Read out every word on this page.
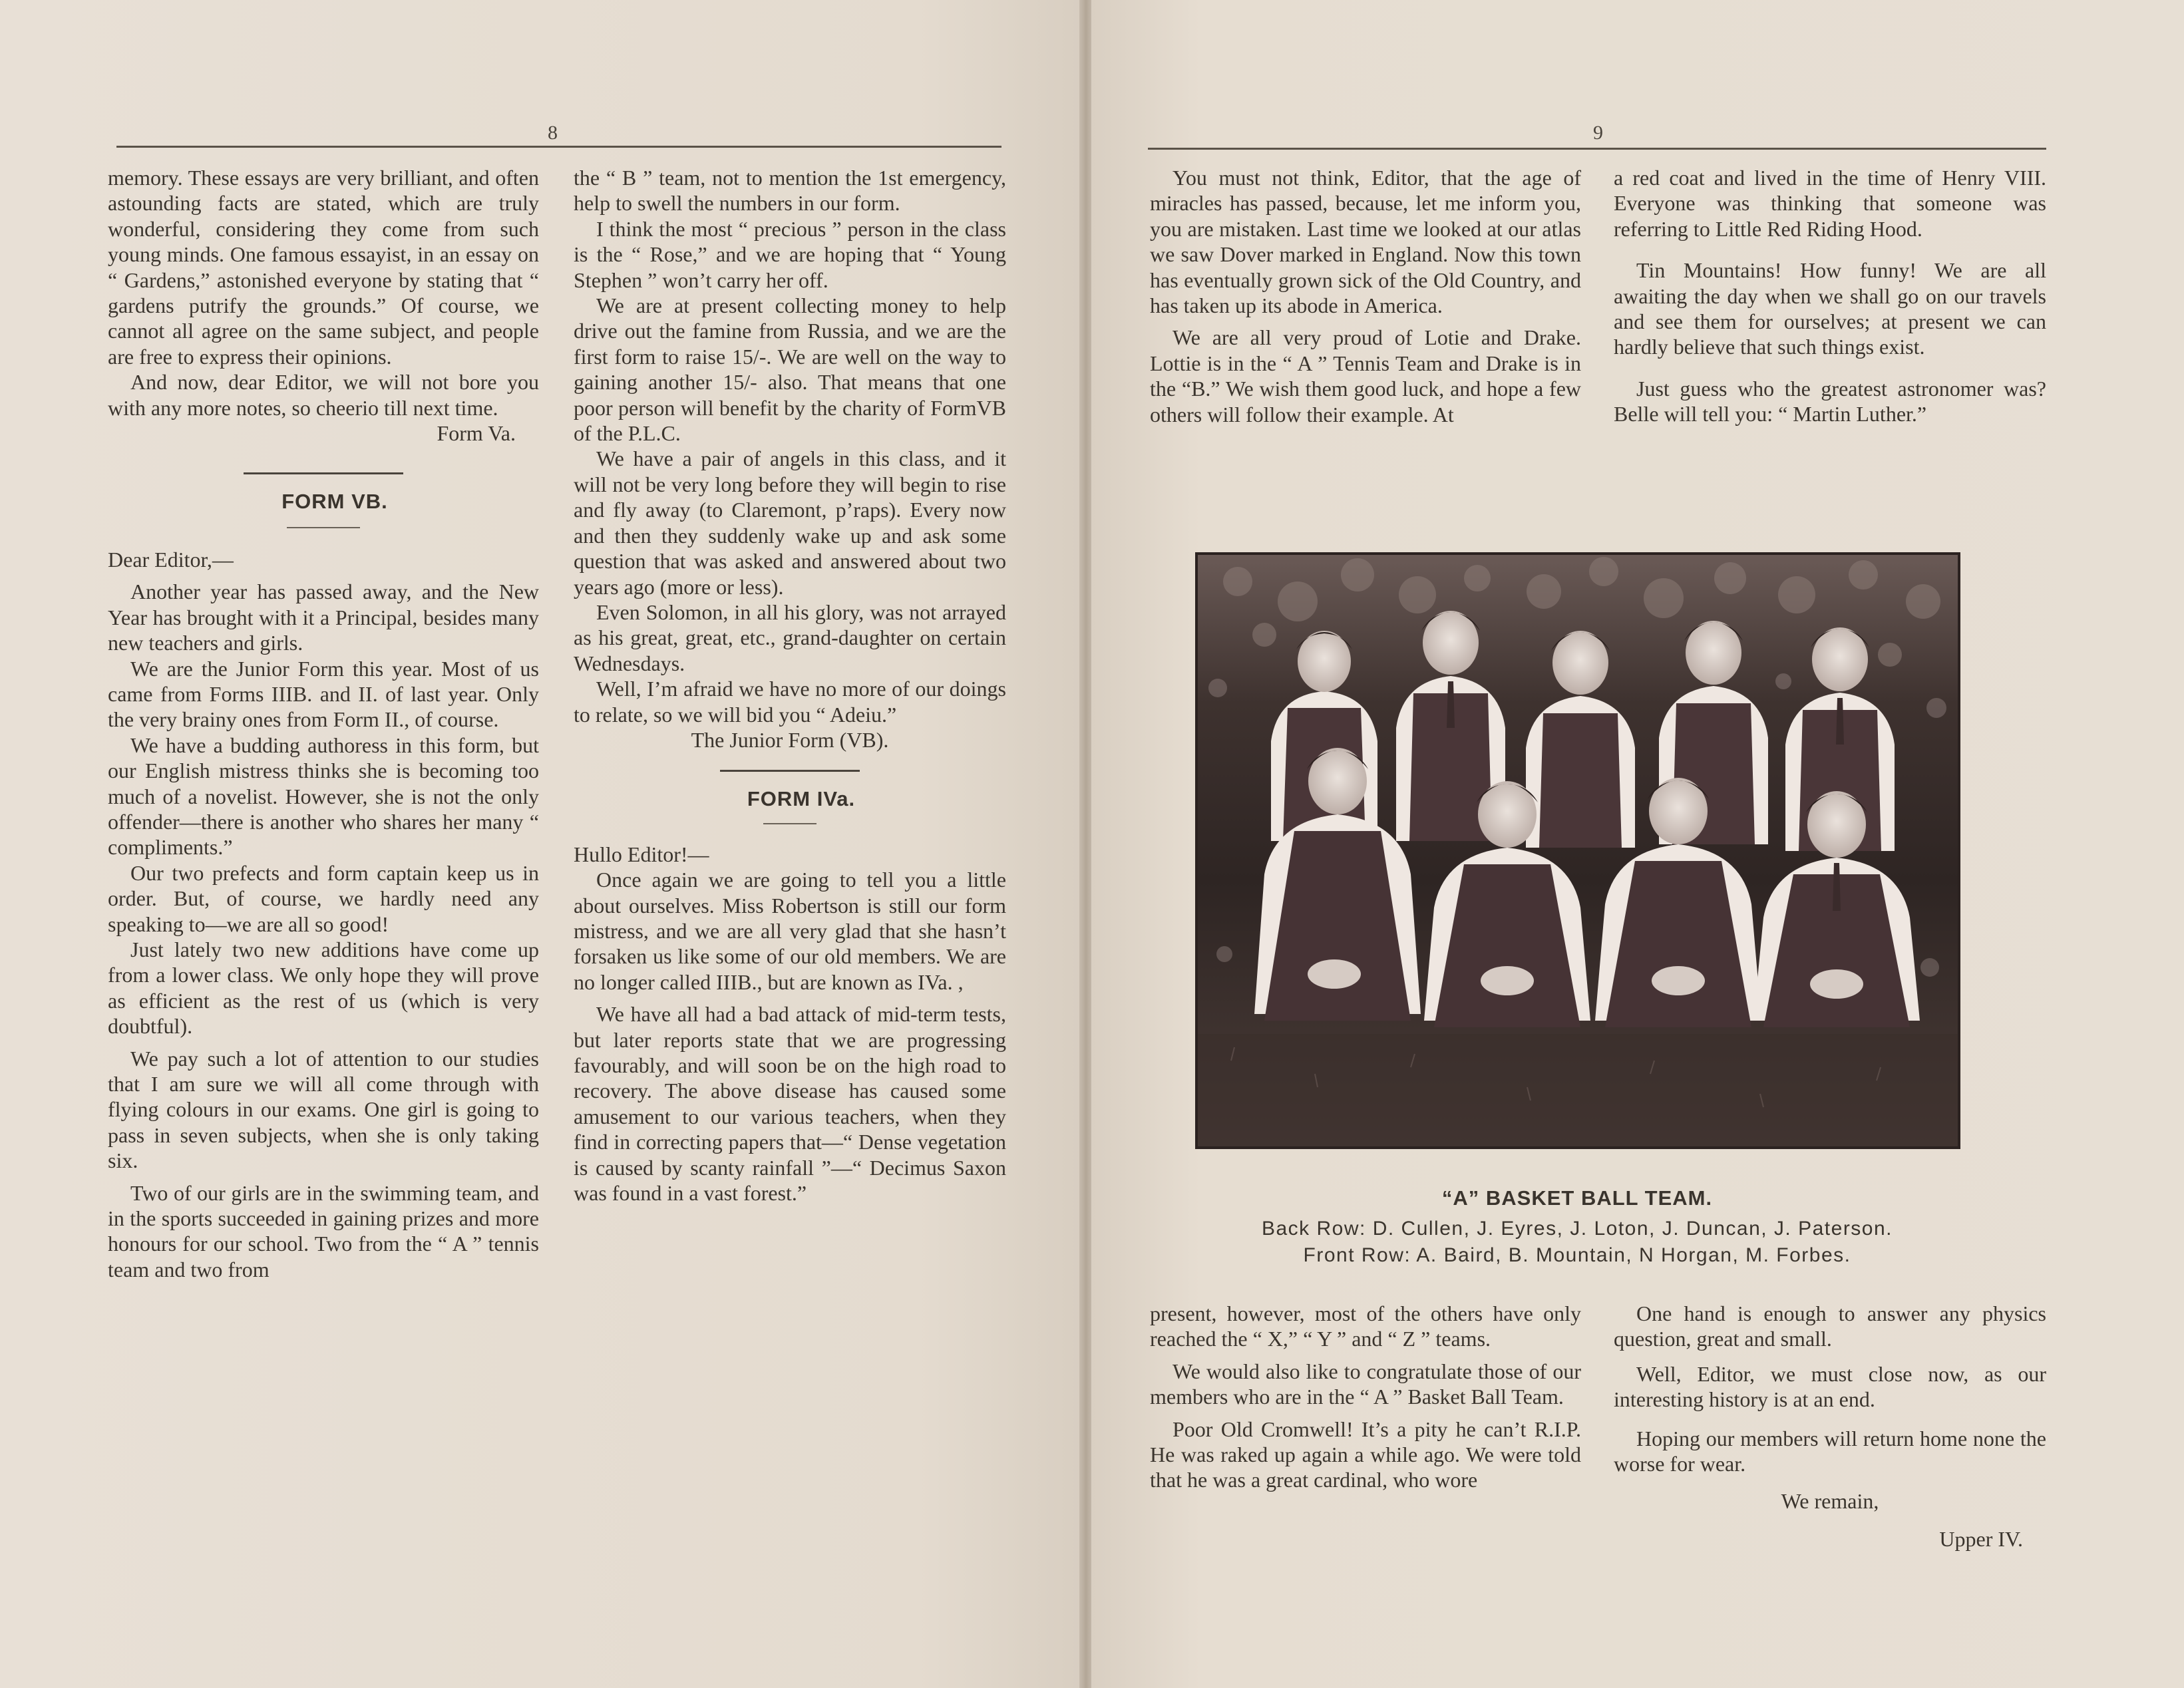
8

memory. These essays are very brilliant, and often astounding facts are stated, which are truly wonderful, considering they come from such young minds. One famous essayist, in an essay on “ Gardens,” astonished everyone by stating that “ gardens putrify the grounds.” Of course, we cannot all agree on the same subject, and people are free to express their opinions.

And now, dear Editor, we will not bore you with any more notes, so cheerio till next time.

Form Va.

FORM VB.

Dear Editor,—

Another year has passed away, and the New Year has brought with it a Principal, besides many new teachers and girls.

We are the Junior Form this year. Most of us came from Forms IIIB. and II. of last year. Only the very brainy ones from Form II., of course.

We have a budding authoress in this form, but our English mistress thinks she is becoming too much of a novelist. However, she is not the only offender—there is another who shares her many “ compliments.”

Our two prefects and form captain keep us in order. But, of course, we hardly need any speaking to—we are all so good!

Just lately two new additions have come up from a lower class. We only hope they will prove as efficient as the rest of us (which is very doubtful).

We pay such a lot of attention to our studies that I am sure we will all come through with flying colours in our exams. One girl is going to pass in seven subjects, when she is only taking six.

Two of our girls are in the swimming team, and in the sports succeeded in gaining prizes and more honours for our school. Two from the “ A ” tennis team and two from

the “ B ” team, not to mention the 1st emergency, help to swell the numbers in our form.

I think the most “ precious ” person in the class is the “ Rose,” and we are hoping that “ Young Stephen ” won’t carry her off.

We are at present collecting money to help drive out the famine from Russia, and we are the first form to raise 15/-. We are well on the way to gaining another 15/- also. That means that one poor person will benefit by the charity of FormVB of the P.L.C.

We have a pair of angels in this class, and it will not be very long before they will begin to rise and fly away (to Claremont, p’raps). Every now and then they suddenly wake up and ask some question that was asked and answered about two years ago (more or less).

Even Solomon, in all his glory, was not arrayed as his great, great, etc., grand-daughter on certain Wednesdays.

Well, I’m afraid we have no more of our doings to relate, so we will bid you “ Adeiu.”

The Junior Form (VB).

FORM IVa.

Hullo Editor!—

Once again we are going to tell you a little about ourselves. Miss Robertson is still our form mistress, and we are all very glad that she hasn’t forsaken us like some of our old members. We are no longer called IIIB., but are known as IVa. ,

We have all had a bad attack of mid-term tests, but later reports state that we are progressing favourably, and will soon be on the high road to recovery. The above disease has caused some amusement to our various teachers, when they find in correcting papers that—“ Dense vegetation is caused by scanty rainfall ”—“ Decimus Saxon was found in a vast forest.”

9

You must not think, Editor, that the age of miracles has passed, because, let me inform you, you are mistaken. Last time we looked at our atlas we saw Dover marked in England. Now this town has eventually grown sick of the Old Country, and has taken up its abode in America.

We are all very proud of Lotie and Drake. Lottie is in the “ A ” Tennis Team and Drake is in the “B.” We wish them good luck, and hope a few others will follow their example. At

a red coat and lived in the time of Henry VIII. Everyone was thinking that someone was referring to Little Red Riding Hood.

Tin Mountains! How funny! We are all awaiting the day when we shall go on our travels and see them for ourselves; at present we can hardly believe that such things exist.

Just guess who the greatest astronomer was? Belle will tell you: “ Martin Luther.”

“A” BASKET BALL TEAM.
Back Row: D. Cullen, J. Eyres, J. Loton, J. Duncan, J. Paterson.
Front Row: A. Baird, B. Mountain, N Horgan, M. Forbes.

present, however, most of the others have only reached the “ X,” “ Y ” and “ Z ” teams.

We would also like to congratulate those of our members who are in the “ A ” Basket Ball Team.

Poor Old Cromwell! It’s a pity he can’t R.I.P. He was raked up again a while ago. We were told that he was a great cardinal, who wore

One hand is enough to answer any physics question, great and small.

Well, Editor, we must close now, as our interesting history is at an end.

Hoping our members will return home none the worse for wear.

We remain,

Upper IV.
